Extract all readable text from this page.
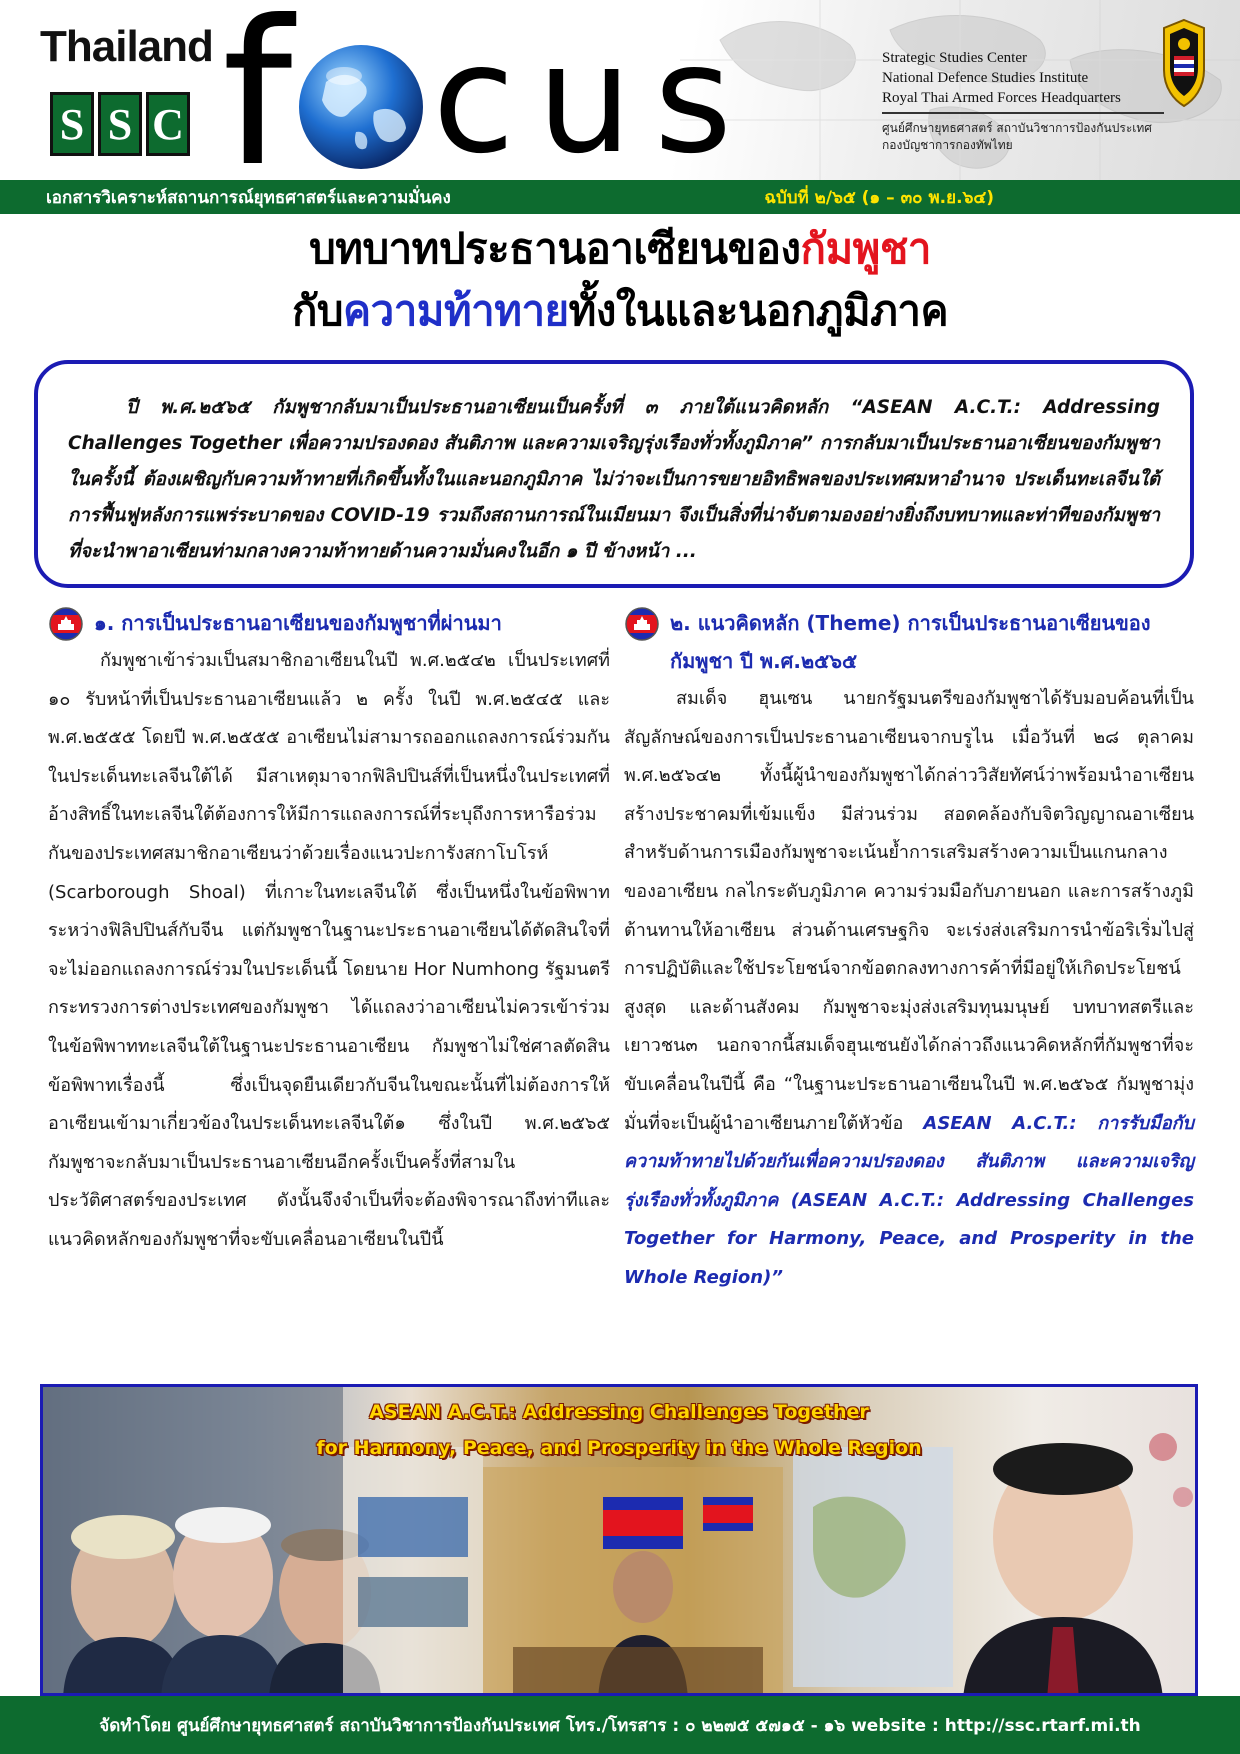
Thailand
S S C f cus	Strategic Studies Center
National Defence Studies Institute
Royal Thai Armed Forces Headquarters
ศูนย์ศึกษายุทธศาสตร์ สถาบันวิชาการป้องกันประเทศ
กองบัญชาการกองทัพไทย
เอกสารวิเคราะห์สถานการณ์ยุทธศาสตร์และความมั่นคง	ฉบับที่ ๒/๖๕ (๑ – ๓๐ พ.ย.๖๔)
บทบาทประธานอาเซียนของกัมพูชา
กับความท้าทายทั้งในและนอกภูมิภาค

ปี พ.ศ.๒๕๖๕ กัมพูชากลับมาเป็นประธานอาเซียนเป็นครั้งที่ ๓ ภายใต้แนวคิดหลัก “ASEAN A.C.T.: Addressing Challenges Together เพื่อความปรองดอง สันติภาพ และความเจริญรุ่งเรืองทั่วทั้งภูมิภาค” การกลับมาเป็นประธานอาเซียนของกัมพูชาในครั้งนี้ ต้องเผชิญกับความท้าทายที่เกิดขึ้นทั้งในและนอกภูมิภาค ไม่ว่าจะเป็นการขยายอิทธิพลของประเทศมหาอำนาจ ประเด็นทะเลจีนใต้ การฟื้นฟูหลังการแพร่ระบาดของ COVID-19 รวมถึงสถานการณ์ในเมียนมา จึงเป็นสิ่งที่น่าจับตามองอย่างยิ่งถึงบทบาทและท่าทีของกัมพูชาที่จะนำพาอาเซียนท่ามกลางความท้าทายด้านความมั่นคงในอีก ๑ ปี ข้างหน้า ...

๑. การเป็นประธานอาเซียนของกัมพูชาที่ผ่านมา

กัมพูชาเข้าร่วมเป็นสมาชิกอาเซียนในปี พ.ศ.๒๕๔๒ เป็นประเทศที่ ๑๐ รับหน้าที่เป็นประธานอาเซียนแล้ว ๒ ครั้ง ในปี พ.ศ.๒๕๔๕ และ พ.ศ.๒๕๕๕ โดยปี พ.ศ.๒๕๕๕ อาเซียนไม่สามารถออกแถลงการณ์ร่วมกันในประเด็นทะเลจีนใต้ได้ มีสาเหตุมาจากฟิลิปปินส์ที่เป็นหนึ่งในประเทศที่อ้างสิทธิ์ในทะเลจีนใต้ต้องการให้มีการแถลงการณ์ที่ระบุถึงการหารือร่วมกันของประเทศสมาชิกอาเซียนว่าด้วยเรื่องแนวปะการังสกาโบโรห์ (Scarborough Shoal) ที่เกาะในทะเลจีนใต้ ซึ่งเป็นหนึ่งในข้อพิพาทระหว่างฟิลิปปินส์กับจีน แต่กัมพูชาในฐานะประธานอาเซียนได้ตัดสินใจที่จะไม่ออกแถลงการณ์ร่วมในประเด็นนี้ โดยนาย Hor Numhong รัฐมนตรีกระทรวงการต่างประเทศของกัมพูชา ได้แถลงว่าอาเซียนไม่ควรเข้าร่วมในข้อพิพาททะเลจีนใต้ในฐานะประธานอาเซียน กัมพูชาไม่ใช่ศาลตัดสินข้อพิพาทเรื่องนี้ ซึ่งเป็นจุดยืนเดียวกับจีนในขณะนั้นที่ไม่ต้องการให้อาเซียนเข้ามาเกี่ยวข้องในประเด็นทะเลจีนใต้๑ ซึ่งในปี พ.ศ.๒๕๖๕ กัมพูชาจะกลับมาเป็นประธานอาเซียนอีกครั้งเป็นครั้งที่สามในประวัติศาสตร์ของประเทศ ดังนั้นจึงจำเป็นที่จะต้องพิจารณาถึงท่าทีและแนวคิดหลักของกัมพูชาที่จะขับเคลื่อนอาเซียนในปีนี้

๒. แนวคิดหลัก (Theme) การเป็นประธานอาเซียนของกัมพูชา ปี พ.ศ.๒๕๖๕

สมเด็จ ฮุนเซน นายกรัฐมนตรีของกัมพูชาได้รับมอบค้อนที่เป็นสัญลักษณ์ของการเป็นประธานอาเซียนจากบรูไน เมื่อวันที่ ๒๘ ตุลาคม พ.ศ.๒๕๖๔๒ ทั้งนี้ผู้นำของกัมพูชาได้กล่าววิสัยทัศน์ว่าพร้อมนำอาเซียนสร้างประชาคมที่เข้มแข็ง มีส่วนร่วม สอดคล้องกับจิตวิญญาณอาเซียน สำหรับด้านการเมืองกัมพูชาจะเน้นย้ำการเสริมสร้างความเป็นแกนกลางของอาเซียน กลไกระดับภูมิภาค ความร่วมมือกับภายนอก และการสร้างภูมิต้านทานให้อาเซียน ส่วนด้านเศรษฐกิจ จะเร่งส่งเสริมการนำข้อริเริ่มไปสู่การปฏิบัติและใช้ประโยชน์จากข้อตกลงทางการค้าที่มีอยู่ให้เกิดประโยชน์สูงสุด และด้านสังคม กัมพูชาจะมุ่งส่งเสริมทุนมนุษย์ บทบาทสตรีและเยาวชน๓ นอกจากนี้สมเด็จฮุนเซนยังได้กล่าวถึงแนวคิดหลักที่กัมพูชาที่จะขับเคลื่อนในปีนี้ คือ “ในฐานะประธานอาเซียนในปี พ.ศ.๒๕๖๕ กัมพูชามุ่งมั่นที่จะเป็นผู้นำอาเซียนภายใต้หัวข้อ ASEAN A.C.T.: การรับมือกับความท้าทายไปด้วยกันเพื่อความปรองดอง สันติภาพ และความเจริญรุ่งเรืองทั่วทั้งภูมิภาค (ASEAN A.C.T.: Addressing Challenges Together for Harmony, Peace, and Prosperity in the Whole Region)”

ASEAN A.C.T.: Addressing Challenges Together
for Harmony, Peace, and Prosperity in the Whole Region
จัดทำโดย ศูนย์ศึกษายุทธศาสตร์ สถาบันวิชาการป้องกันประเทศ โทร./โทรสาร : ๐ ๒๒๗๕ ๕๗๑๕ - ๑๖ website : http://ssc.rtarf.mi.th
